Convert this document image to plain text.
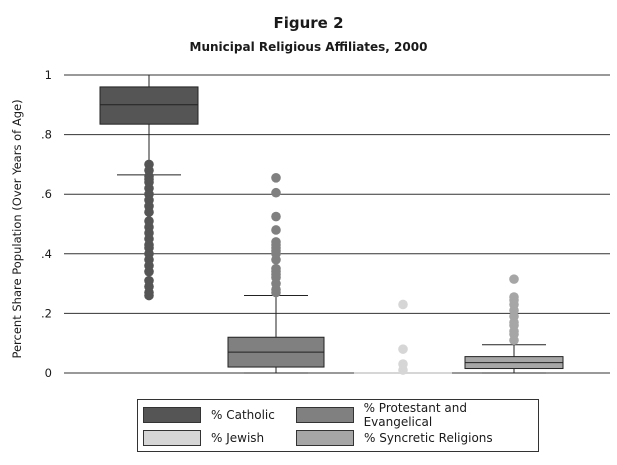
Figure 2
Municipal Religious Affiliates, 2000
0
.2
.4
.6
.8
1
Percent Share Population (Over Years of Age)
% Catholic	% Protestant and Evangelical
% Jewish	% Syncretic Religions
